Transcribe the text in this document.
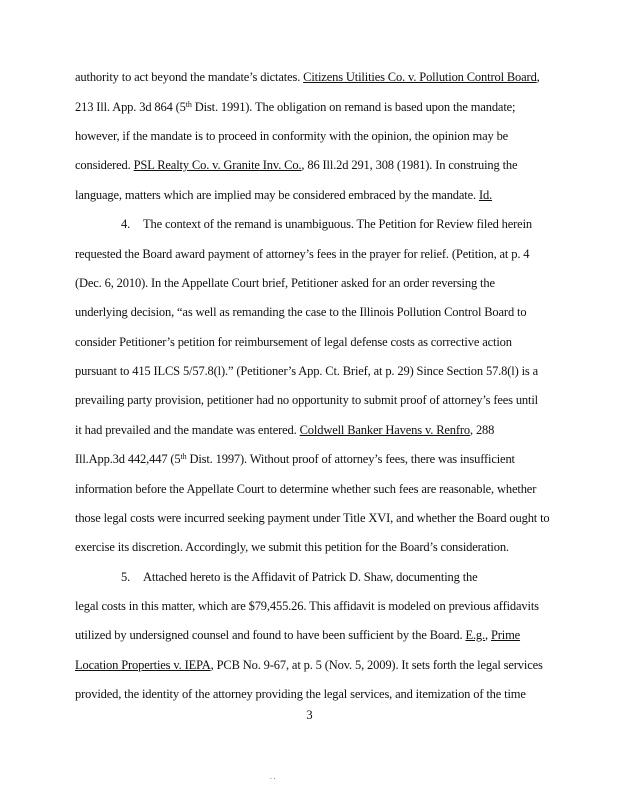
authority to act beyond the mandate’s dictates. Citizens Utilities Co. v. Pollution Control Board,
213 Ill. App. 3d 864 (5th Dist. 1991). The obligation on remand is based upon the mandate;
however, if the mandate is to proceed in conformity with the opinion, the opinion may be
considered. PSL Realty Co. v. Granite Inv. Co., 86 Ill.2d 291, 308 (1981). In construing the
language, matters which are implied may be considered embraced by the mandate. Id.
4. The context of the remand is unambiguous. The Petition for Review filed herein
requested the Board award payment of attorney’s fees in the prayer for relief. (Petition, at p. 4
(Dec. 6, 2010). In the Appellate Court brief, Petitioner asked for an order reversing the
underlying decision, “as well as remanding the case to the Illinois Pollution Control Board to
consider Petitioner’s petition for reimbursement of legal defense costs as corrective action
pursuant to 415 ILCS 5/57.8(l).” (Petitioner’s App. Ct. Brief, at p. 29) Since Section 57.8(l) is a
prevailing party provision, petitioner had no opportunity to submit proof of attorney’s fees until
it had prevailed and the mandate was entered. Coldwell Banker Havens v. Renfro, 288
Ill.App.3d 442,447 (5th Dist. 1997). Without proof of attorney’s fees, there was insufficient
information before the Appellate Court to determine whether such fees are reasonable, whether
those legal costs were incurred seeking payment under Title XVI, and whether the Board ought to
exercise its discretion. Accordingly, we submit this petition for the Board’s consideration.
5. Attached hereto is the Affidavit of Patrick D. Shaw, documenting the
legal costs in this matter, which are $79,455.26. This affidavit is modeled on previous affidavits
utilized by undersigned counsel and found to have been sufficient by the Board. E.g., Prime
Location Properties v. IEPA, PCB No. 9-67, at p. 5 (Nov. 5, 2009). It sets forth the legal services
provided, the identity of the attorney providing the legal services, and itemization of the time
3
. .
